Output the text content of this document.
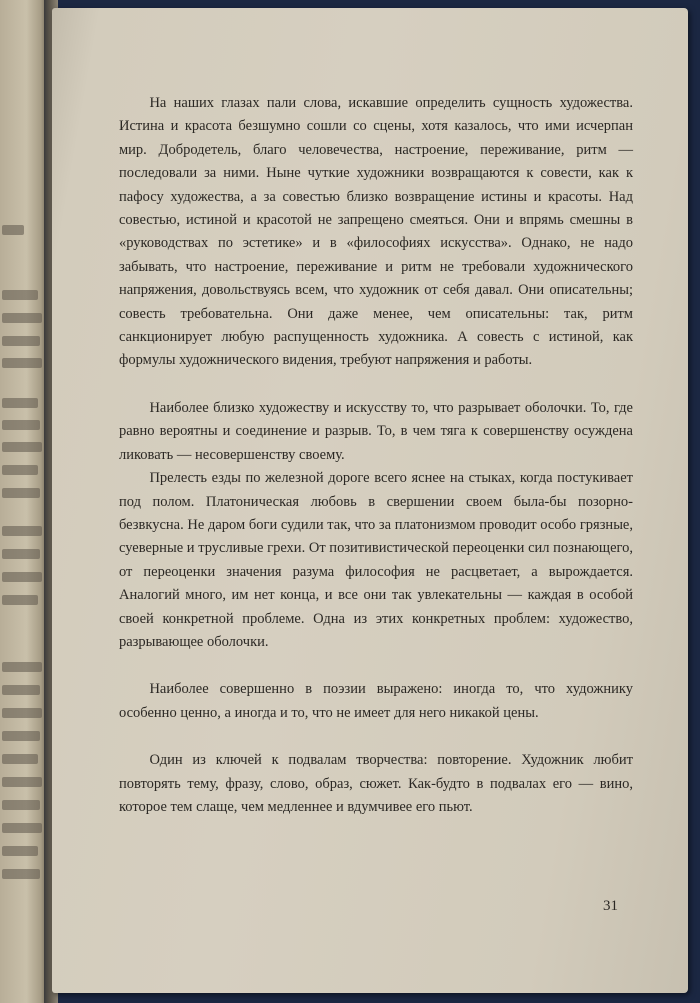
На наших глазах пали слова, искавшие определить сущность художества. Истина и красота безшумно сошли со сцены, хотя казалось, что ими исчерпан мир. Добродетель, благо человечества, настроение, переживание, ритм — последовали за ними. Ныне чуткие художники возвращаются к совести, как к пафосу художества, а за совестью близко возвращение истины и красоты. Над совестью, истиной и красотой не запрещено смеяться. Они и впрямь смешны в «руководствах по эстетике» и в «философиях искусства». Однако, не надо забывать, что настроение, переживание и ритм не требовали художнического напряжения, довольствуясь всем, что художник от себя давал. Они описательны; совесть требовательна. Они даже менее, чем описательны: так, ритм санкционирует любую распущенность художника. А совесть с истиной, как формулы художнического видения, требуют напряжения и работы.

Наиболее близко художеству и искусству то, что разрывает оболочки. То, где равно вероятны и соединение и разрыв. То, в чем тяга к совершенству осуждена ликовать — несовершенству своему.

Прелесть езды по железной дороге всего яснее на стыках, когда постукивает под полом. Платоническая любовь в свершении своем была-бы позорно-безвкусна. Не даром боги судили так, что за платонизмом проводит особо грязные, суеверные и трусливые грехи. От позитивистической переоценки сил познающего, от переоценки значения разума философия не расцветает, а вырождается. Аналогий много, им нет конца, и все они так увлекательны — каждая в особой своей конкретной проблеме. Одна из этих конкретных проблем: художество, разрывающее оболочки.

Наиболее совершенно в поэзии выражено: иногда то, что художнику особенно ценно, а иногда и то, что не имеет для него никакой цены.

Один из ключей к подвалам творчества: повторение. Художник любит повторять тему, фразу, слово, образ, сюжет. Как-будто в подвалах его — вино, которое тем слаще, чем медленнее и вдумчивее его пьют.

31
